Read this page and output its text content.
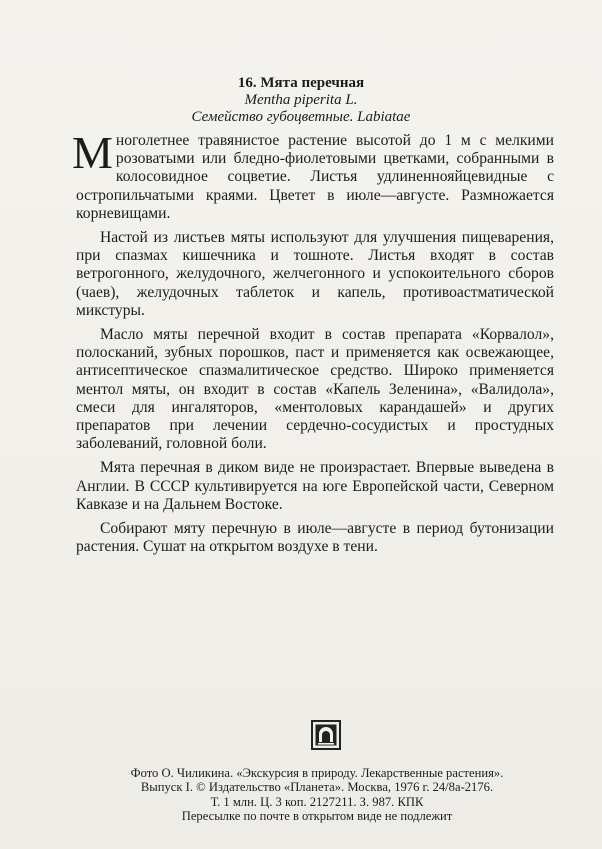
16. Мята перечная

Mentha piperita L.

Семейство губоцветные. Labiatae

Многолетнее травянистое растение высотой до 1 м с мелкими розоватыми или бледно-фиолетовыми цветками, собранными в колосовидное соцветие. Листья удлиненнояйцевидные с остропильчатыми краями. Цветет в июле—августе. Размножается корневищами.

Настой из листьев мяты используют для улучшения пищеварения, при спазмах кишечника и тошноте. Листья входят в состав ветрогонного, желудочного, желчегонного и успокоительного сборов (чаев), желудочных таблеток и капель, противоастматической микстуры.

Масло мяты перечной входит в состав препарата «Корвалол», полосканий, зубных порошков, паст и применяется как освежающее, антисептическое спазмалитическое средство. Широко применяется ментол мяты, он входит в состав «Капель Зеленина», «Валидола», смеси для ингаляторов, «ментоловых карандашей» и других препаратов при лечении сердечно-сосудистых и простудных заболеваний, головной боли.

Мята перечная в диком виде не произрастает. Впервые выведена в Англии. В СССР культивируется на юге Европейской части, Северном Кавказе и на Дальнем Востоке.

Собирают мяту перечную в июле—августе в период бутонизации растения. Сушат на открытом воздухе в тени.

Фото О. Чиликина. «Экскурсия в природу. Лекарственные растения».
Выпуск I. © Издательство «Планета». Москва, 1976 г. 24/8а-2176.
Т. 1 млн. Ц. 3 коп. 2127211. З. 987. КПК
Пересылке по почте в открытом виде не подлежит
